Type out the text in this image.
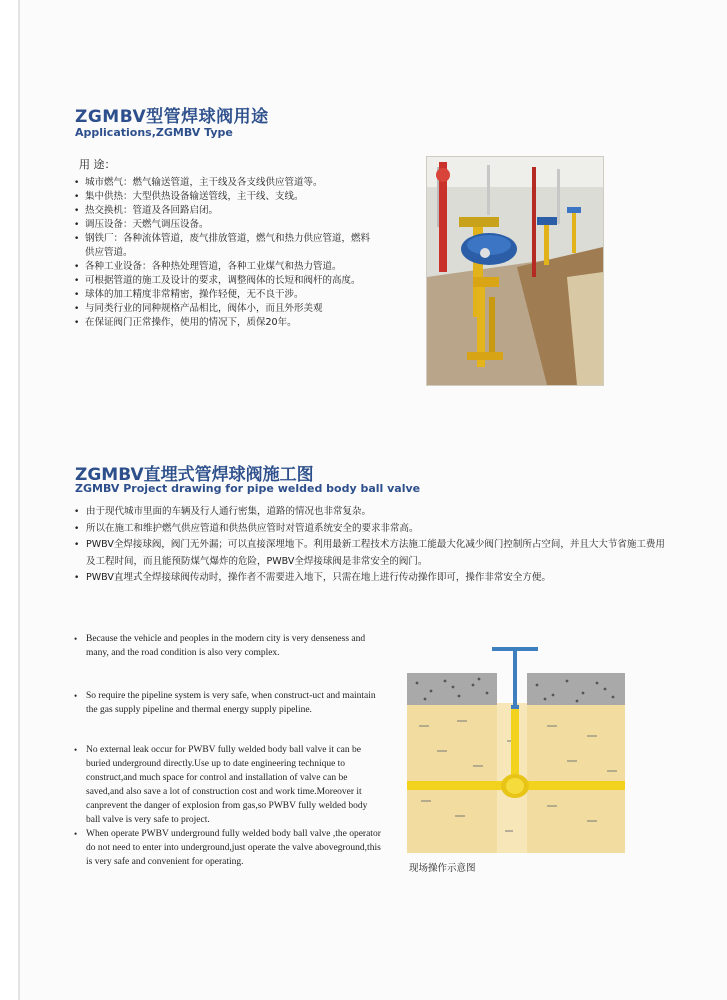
ZGMBV型管焊球阀用途
Applications,ZGMBV Type
用 途：
• 城市燃气：燃气输送管道，主干线及各支线供应管道等。
• 集中供热：大型供热设备输送管线，主干线、支线。
• 热交换机：管道及各回路启闭。
• 调压设备：天燃气调压设备。
• 钢铁厂：各种流体管道，废气排放管道，燃气和热力供应管道，燃料供应管道。
• 各种工业设备：各种热处理管道，各种工业煤气和热力管道。
• 可根据管道的施工及设计的要求，调整阀体的长短和阀杆的高度。
• 球体的加工精度非常精密，操作轻便，无不良干涉。
• 与同类行业的同种规格产品相比，阀体小，而且外形美观
• 在保证阀门正常操作，使用的情况下，质保20年。
ZGMBV直埋式管焊球阀施工图
ZGMBV Project drawing for pipe welded body ball valve
• 由于现代城市里面的车辆及行人通行密集，道路的情况也非常复杂。
• 所以在施工和维护燃气供应管道和供热供应管时对管道系统安全的要求非常高。
• PWBV全焊接球阀，阀门无外漏；可以直接深埋地下。利用最新工程技术方法施工能最大化减少阀门控制所占空间，并且大大节省施工费用及工程时间，而且能预防煤气爆炸的危险，PWBV全焊接球阀是非常安全的阀门。
• PWBV直埋式全焊接球阀传动时，操作者不需要进入地下，只需在地上进行传动操作即可，操作非常安全方便。

• Because the vehicle and peoples in the modern city is very denseness and many, and the road condition is also very complex.

• So require the pipeline system is very safe, when construct-uct and maintain the gas supply pipeline and thermal energy supply pipeline.

• No external leak occur for PWBV fully welded body ball valve it can be buried underground directly.Use up to date engineering technique to construct,and much space for control and installation of valve can be saved,and also save a lot of construction cost and work time.Moreover it canprevent the danger of explosion from gas,so PWBV fully welded body ball valve is very safe to project.

• When operate PWBV underground fully welded body ball valve ,the operator do not need to enter into underground,just operate the valve aboveground,this is very safe and convenient for operating.

现场操作示意图
